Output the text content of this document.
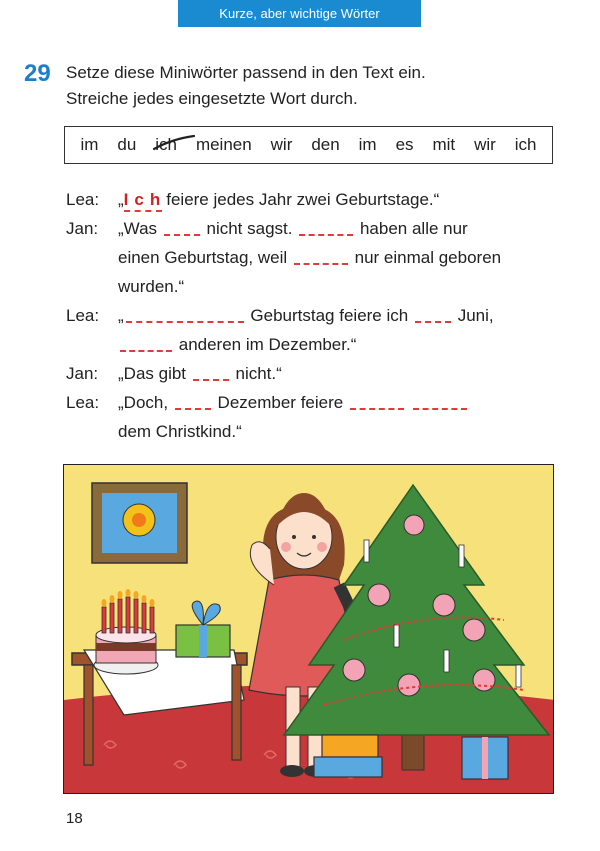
Kurze, aber wichtige Wörter
29 Setze diese Miniwörter passend in den Text ein.
Streiche jedes eingesetzte Wort durch.
im du ich meinen wir den im es mit wir ich
Lea: „Ichfeiere jedes Jahr zwei Geburtstage.“
Jan: „Was	nicht sagst.	haben alle nur
einen Geburtstag, weil	nur einmal geboren
wurden.“
Lea: „	Geburtstag feiere ich	Juni,
anderen im Dezember.“
Jan: „Das gibt	nicht.“
Lea: „Doch,	Dezember feiere
dem Christkind.“
18
